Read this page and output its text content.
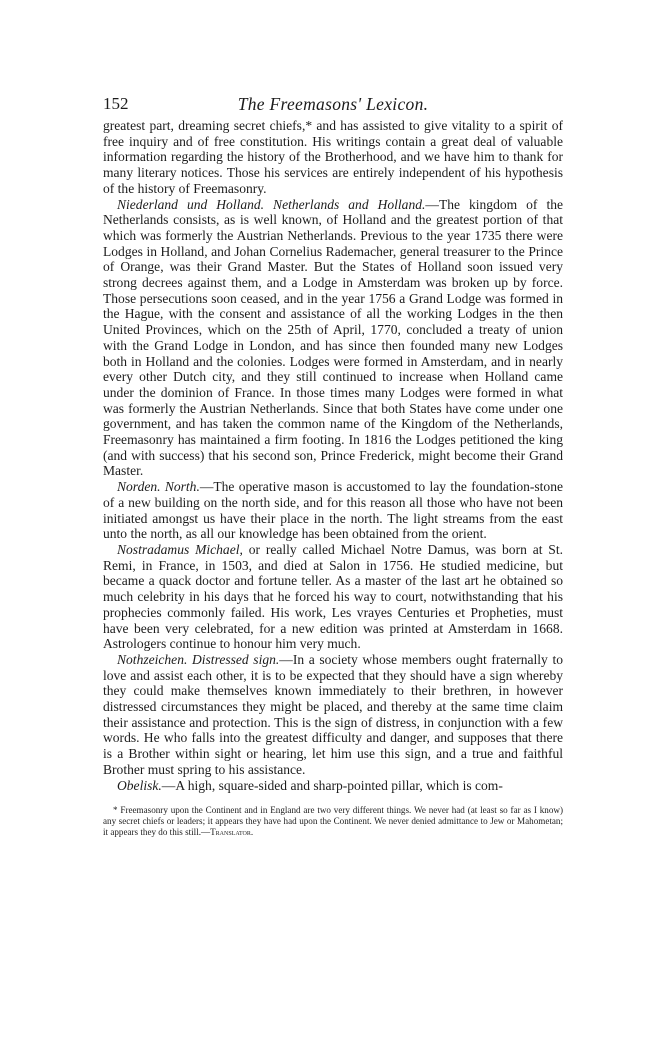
152	The Freemasons' Lexicon.

greatest part, dreaming secret chiefs,* and has assisted to give vitality to a spirit of free inquiry and of free constitution. His writings contain a great deal of valuable information regarding the history of the Brotherhood, and we have him to thank for many literary notices. Those his services are entirely independent of his hypothesis of the history of Freemasonry.

Niederland und Holland. Netherlands and Holland.—The kingdom of the Netherlands consists, as is well known, of Holland and the greatest portion of that which was formerly the Austrian Netherlands. Previous to the year 1735 there were Lodges in Holland, and Johan Cornelius Rademacher, general treasurer to the Prince of Orange, was their Grand Master. But the States of Holland soon issued very strong decrees against them, and a Lodge in Amsterdam was broken up by force. Those persecutions soon ceased, and in the year 1756 a Grand Lodge was formed in the Hague, with the consent and assistance of all the working Lodges in the then United Provinces, which on the 25th of April, 1770, concluded a treaty of union with the Grand Lodge in London, and has since then founded many new Lodges both in Holland and the colonies. Lodges were formed in Amsterdam, and in nearly every other Dutch city, and they still continued to increase when Holland came under the dominion of France. In those times many Lodges were formed in what was formerly the Austrian Netherlands. Since that both States have come under one government, and has taken the common name of the Kingdom of the Netherlands, Freemasonry has maintained a firm footing. In 1816 the Lodges petitioned the king (and with success) that his second son, Prince Frederick, might become their Grand Master.

Norden. North.—The operative mason is accustomed to lay the foundation-stone of a new building on the north side, and for this reason all those who have not been initiated amongst us have their place in the north. The light streams from the east unto the north, as all our knowledge has been obtained from the orient.

Nostradamus Michael, or really called Michael Notre Damus, was born at St. Remi, in France, in 1503, and died at Salon in 1756. He studied medicine, but became a quack doctor and fortune teller. As a master of the last art he obtained so much celebrity in his days that he forced his way to court, notwithstanding that his prophecies commonly failed. His work, Les vrayes Centuries et Propheties, must have been very celebrated, for a new edition was printed at Amsterdam in 1668. Astrologers continue to honour him very much.

Nothzeichen. Distressed sign.—In a society whose members ought fraternally to love and assist each other, it is to be expected that they should have a sign whereby they could make themselves known immediately to their brethren, in however distressed circumstances they might be placed, and thereby at the same time claim their assistance and protection. This is the sign of distress, in conjunction with a few words. He who falls into the greatest difficulty and danger, and supposes that there is a Brother within sight or hearing, let him use this sign, and a true and faithful Brother must spring to his assistance.

Obelisk.—A high, square-sided and sharp-pointed pillar, which is com-

* Freemasonry upon the Continent and in England are two very different things. We never had (at least so far as I know) any secret chiefs or leaders; it appears they have had upon the Continent. We never denied admittance to Jew or Mahometan; it appears they do this still.—Translator.
